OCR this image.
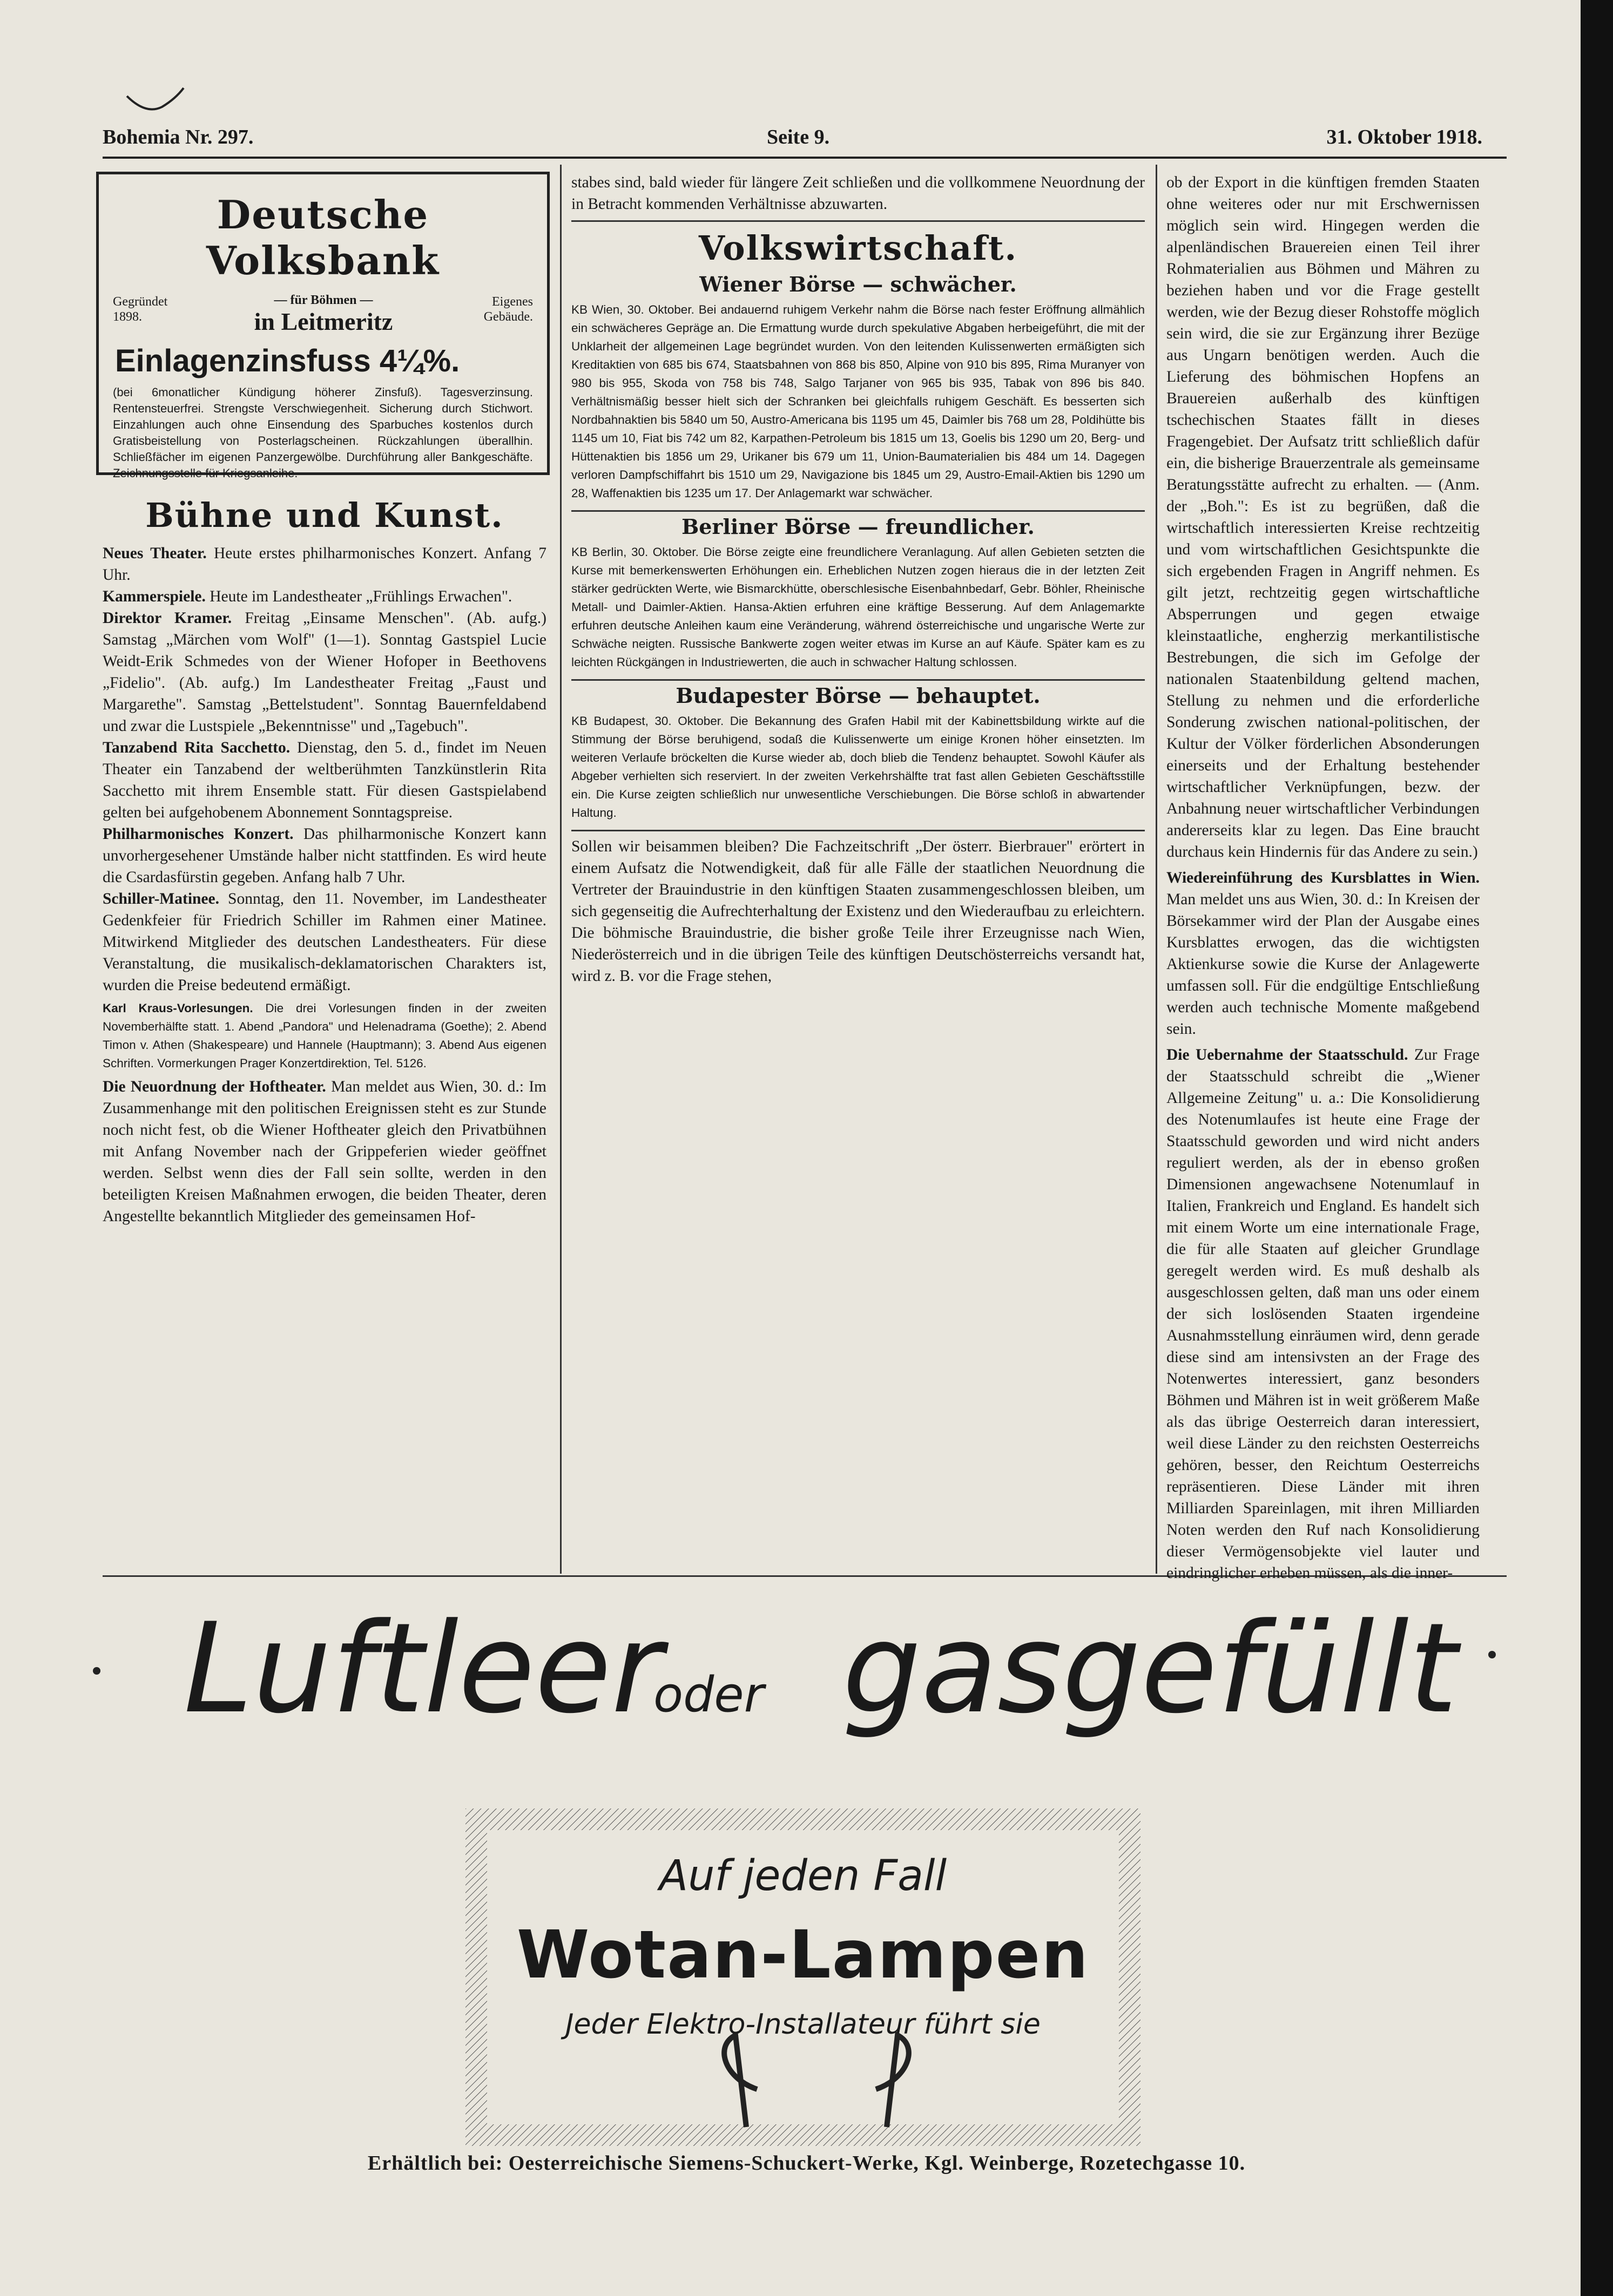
Bohemia Nr. 297.	Seite 9.	31. Oktober 1918.
Deutsche Volksbank
Gegründet
1898.
— für Böhmen —
in Leitmeritz
Eigenes
Gebäude.
Einlagenzinsfuss 4¼%.
(bei 6monatlicher Kündigung höherer Zinsfuß). Tagesverzinsung. Rentensteuerfrei. Strengste Verschwiegenheit. Sicherung durch Stichwort. Einzahlungen auch ohne Einsendung des Sparbuches kostenlos durch Gratisbeistellung von Posterlagscheinen. Rückzahlungen überallhin. Schließfächer im eigenen Panzergewölbe. Durchführung aller Bankgeschäfte. Zeichnungsstelle für Kriegsanleihe.
Bühne und Kunst.

Neues Theater. Heute erstes philharmonisches Konzert. Anfang 7 Uhr.

Kammerspiele. Heute im Landestheater „Frühlings Erwachen".

Direktor Kramer. Freitag „Einsame Menschen". (Ab. aufg.) Samstag „Märchen vom Wolf" (1—1). Sonntag Gastspiel Lucie Weidt-Erik Schmedes von der Wiener Hofoper in Beethovens „Fidelio". (Ab. aufg.) Im Landestheater Freitag „Faust und Margarethe". Samstag „Bettelstudent". Sonntag Bauernfeldabend und zwar die Lustspiele „Bekenntnisse" und „Tagebuch".

Tanzabend Rita Sacchetto. Dienstag, den 5. d., findet im Neuen Theater ein Tanzabend der weltberühmten Tanzkünstlerin Rita Sacchetto mit ihrem Ensemble statt. Für diesen Gastspielabend gelten bei aufgehobenem Abonnement Sonntagspreise.

Philharmonisches Konzert. Das philharmonische Konzert kann unvorhergesehener Umstände halber nicht stattfinden. Es wird heute die Csardasfürstin gegeben. Anfang halb 7 Uhr.

Schiller-Matinee. Sonntag, den 11. November, im Landestheater Gedenkfeier für Friedrich Schiller im Rahmen einer Matinee. Mitwirkend Mitglieder des deutschen Landestheaters. Für diese Veranstaltung, die musikalisch-deklamatorischen Charakters ist, wurden die Preise bedeutend ermäßigt.

Karl Kraus-Vorlesungen. Die drei Vorlesungen finden in der zweiten Novemberhälfte statt. 1. Abend „Pandora" und Helenadrama (Goethe); 2. Abend Timon v. Athen (Shakespeare) und Hannele (Hauptmann); 3. Abend Aus eigenen Schriften. Vormerkungen Prager Konzertdirektion, Tel. 5126.

Die Neuordnung der Hoftheater. Man meldet aus Wien, 30. d.: Im Zusammenhange mit den politischen Ereignissen steht es zur Stunde noch nicht fest, ob die Wiener Hoftheater gleich den Privatbühnen mit Anfang November nach der Grippeferien wieder geöffnet werden. Selbst wenn dies der Fall sein sollte, werden in den beteiligten Kreisen Maßnahmen erwogen, die beiden Theater, deren Angestellte bekanntlich Mitglieder des gemeinsamen Hof-

stabes sind, bald wieder für längere Zeit schließen und die vollkommene Neuordnung der in Betracht kommenden Verhältnisse abzuwarten.

Volkswirtschaft.
Wiener Börse — schwächer.

KB Wien, 30. Oktober. Bei andauernd ruhigem Verkehr nahm die Börse nach fester Eröffnung allmählich ein schwächeres Gepräge an. Die Ermattung wurde durch spekulative Abgaben herbeigeführt, die mit der Unklarheit der allgemeinen Lage begründet wurden. Von den leitenden Kulissenwerten ermäßigten sich Kreditaktien von 685 bis 674, Staatsbahnen von 868 bis 850, Alpine von 910 bis 895, Rima Muranyer von 980 bis 955, Skoda von 758 bis 748, Salgo Tarjaner von 965 bis 935, Tabak von 896 bis 840. Verhältnismäßig besser hielt sich der Schranken bei gleichfalls ruhigem Geschäft. Es besserten sich Nordbahnaktien bis 5840 um 50, Austro-Americana bis 1195 um 45, Daimler bis 768 um 28, Poldihütte bis 1145 um 10, Fiat bis 742 um 82, Karpathen-Petroleum bis 1815 um 13, Goelis bis 1290 um 20, Berg- und Hüttenaktien bis 1856 um 29, Urikaner bis 679 um 11, Union-Baumaterialien bis 484 um 14. Dagegen verloren Dampfschiffahrt bis 1510 um 29, Navigazione bis 1845 um 29, Austro-Email-Aktien bis 1290 um 28, Waffenaktien bis 1235 um 17. Der Anlagemarkt war schwächer.

Berliner Börse — freundlicher.

KB Berlin, 30. Oktober. Die Börse zeigte eine freundlichere Veranlagung. Auf allen Gebieten setzten die Kurse mit bemerkenswerten Erhöhungen ein. Erheblichen Nutzen zogen hieraus die in der letzten Zeit stärker gedrückten Werte, wie Bismarckhütte, oberschlesische Eisenbahnbedarf, Gebr. Böhler, Rheinische Metall- und Daimler-Aktien. Hansa-Aktien erfuhren eine kräftige Besserung. Auf dem Anlagemarkte erfuhren deutsche Anleihen kaum eine Veränderung, während österreichische und ungarische Werte zur Schwäche neigten. Russische Bankwerte zogen weiter etwas im Kurse an auf Käufe. Später kam es zu leichten Rückgängen in Industriewerten, die auch in schwacher Haltung schlossen.

Budapester Börse — behauptet.

KB Budapest, 30. Oktober. Die Bekannung des Grafen Habil mit der Kabinettsbildung wirkte auf die Stimmung der Börse beruhigend, sodaß die Kulissenwerte um einige Kronen höher einsetzten. Im weiteren Verlaufe bröckelten die Kurse wieder ab, doch blieb die Tendenz behauptet. Sowohl Käufer als Abgeber verhielten sich reserviert. In der zweiten Verkehrshälfte trat fast allen Gebieten Geschäftsstille ein. Die Kurse zeigten schließlich nur unwesentliche Verschiebungen. Die Börse schloß in abwartender Haltung.

Sollen wir beisammen bleiben? Die Fachzeitschrift „Der österr. Bierbrauer" erörtert in einem Aufsatz die Notwendigkeit, daß für alle Fälle der staatlichen Neuordnung die Vertreter der Brauindustrie in den künftigen Staaten zusammengeschlossen bleiben, um sich gegenseitig die Aufrechterhaltung der Existenz und den Wiederaufbau zu erleichtern. Die böhmische Brauindustrie, die bisher große Teile ihrer Erzeugnisse nach Wien, Niederösterreich und in die übrigen Teile des künftigen Deutschösterreichs versandt hat, wird z. B. vor die Frage stehen,

ob der Export in die künftigen fremden Staaten ohne weiteres oder nur mit Erschwernissen möglich sein wird. Hingegen werden die alpenländischen Brauereien einen Teil ihrer Rohmaterialien aus Böhmen und Mähren zu beziehen haben und vor die Frage gestellt werden, wie der Bezug dieser Rohstoffe möglich sein wird, die sie zur Ergänzung ihrer Bezüge aus Ungarn benötigen werden. Auch die Lieferung des böhmischen Hopfens an Brauereien außerhalb des künftigen tschechischen Staates fällt in dieses Fragengebiet. Der Aufsatz tritt schließlich dafür ein, die bisherige Brauerzentrale als gemeinsame Beratungsstätte aufrecht zu erhalten. — (Anm. der „Boh.": Es ist zu begrüßen, daß die wirtschaftlich interessierten Kreise rechtzeitig und vom wirtschaftlichen Gesichtspunkte die sich ergebenden Fragen in Angriff nehmen. Es gilt jetzt, rechtzeitig gegen wirtschaftliche Absperrungen und gegen etwaige kleinstaatliche, engherzig merkantilistische Bestrebungen, die sich im Gefolge der nationalen Staatenbildung geltend machen, Stellung zu nehmen und die erforderliche Sonderung zwischen national-politischen, der Kultur der Völker förderlichen Absonderungen einerseits und der Erhaltung bestehender wirtschaftlicher Verknüpfungen, bezw. der Anbahnung neuer wirtschaftlicher Verbindungen andererseits klar zu legen. Das Eine braucht durchaus kein Hindernis für das Andere zu sein.)

Wiedereinführung des Kursblattes in Wien. Man meldet uns aus Wien, 30. d.: In Kreisen der Börsekammer wird der Plan der Ausgabe eines Kursblattes erwogen, das die wichtigsten Aktienkurse sowie die Kurse der Anlagewerte umfassen soll. Für die endgültige Entschließung werden auch technische Momente maßgebend sein.

Die Uebernahme der Staatsschuld. Zur Frage der Staatsschuld schreibt die „Wiener Allgemeine Zeitung" u. a.: Die Konsolidierung des Notenumlaufes ist heute eine Frage der Staatsschuld geworden und wird nicht anders reguliert werden, als der in ebenso großen Dimensionen angewachsene Notenumlauf in Italien, Frankreich und England. Es handelt sich mit einem Worte um eine internationale Frage, die für alle Staaten auf gleicher Grundlage geregelt werden wird. Es muß deshalb als ausgeschlossen gelten, daß man uns oder einem der sich loslösenden Staaten irgendeine Ausnahmsstellung einräumen wird, denn gerade diese sind am intensivsten an der Frage des Notenwertes interessiert, ganz besonders Böhmen und Mähren ist in weit größerem Maße als das übrige Oesterreich daran interessiert, weil diese Länder zu den reichsten Oesterreichs gehören, besser, den Reichtum Oesterreichs repräsentieren. Diese Länder mit ihren Milliarden Spareinlagen, mit ihren Milliarden Noten werden den Ruf nach Konsolidierung dieser Vermögensobjekte viel lauter und eindringlicher erheben müssen, als die inner-

Luftleer
oder gasgefüllt
Auf jeden Fall
Wotan-Lampen
Jeder Elektro-Installateur führt sie
Erhältlich bei: Oesterreichische Siemens-Schuckert-Werke, Kgl. Weinberge, Rozetechgasse 10.
